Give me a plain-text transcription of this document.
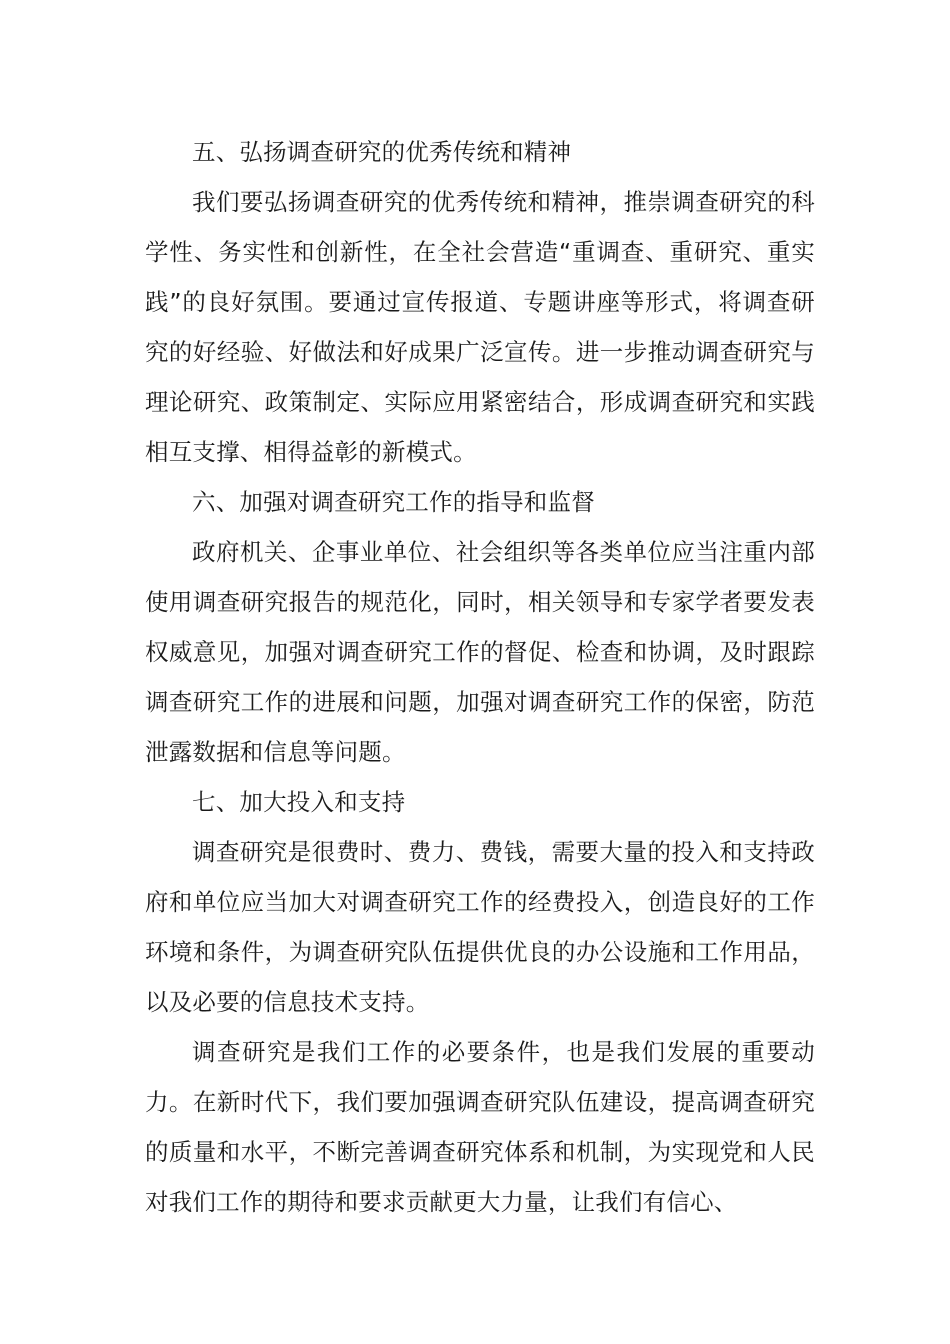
五、弘扬调查研究的优秀传统和精神

我们要弘扬调查研究的优秀传统和精神，推崇调查研究的科学性、务实性和创新性，在全社会营造“重调查、重研究、重实践”的良好氛围。要通过宣传报道、专题讲座等形式，将调查研究的好经验、好做法和好成果广泛宣传。进一步推动调查研究与理论研究、政策制定、实际应用紧密结合，形成调查研究和实践相互支撑、相得益彰的新模式。

六、加强对调查研究工作的指导和监督

政府机关、企事业单位、社会组织等各类单位应当注重内部使用调查研究报告的规范化，同时，相关领导和专家学者要发表权威意见，加强对调查研究工作的督促、检查和协调，及时跟踪调查研究工作的进展和问题，加强对调查研究工作的保密，防范泄露数据和信息等问题。

七、加大投入和支持

调查研究是很费时、费力、费钱，需要大量的投入和支持政府和单位应当加大对调查研究工作的经费投入，创造良好的工作环境和条件，为调查研究队伍提供优良的办公设施和工作用品，以及必要的信息技术支持。

调查研究是我们工作的必要条件，也是我们发展的重要动力。在新时代下，我们要加强调查研究队伍建设，提高调查研究的质量和水平，不断完善调查研究体系和机制，为实现党和人民对我们工作的期待和要求贡献更大力量，让我们有信心、
